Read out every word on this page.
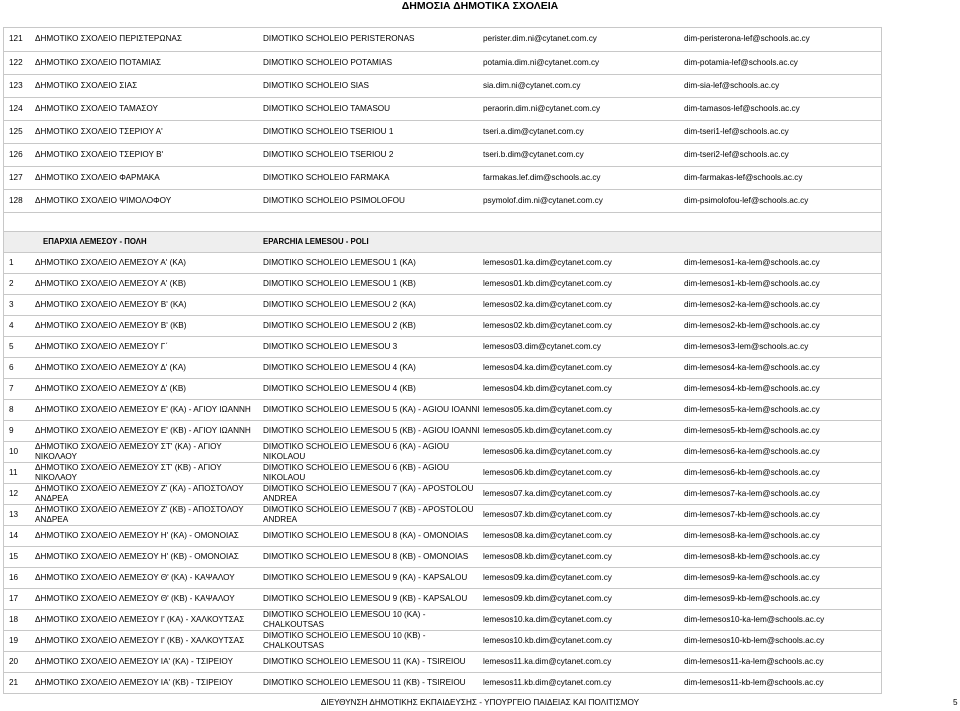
ΔΗΜΟΣΙΑ ΔΗΜΟΤΙΚΑ ΣΧΟΛΕΙΑ
121	ΔΗΜΟΤΙΚΟ ΣΧΟΛΕΙΟ ΠΕΡΙΣΤΕΡΩΝΑΣ	DIMOTIKO SCHOLEIO PERISTERONAS	perister.dim.ni@cytanet.com.cy	dim-peristerona-lef@schools.ac.cy
122	ΔΗΜΟΤΙΚΟ ΣΧΟΛΕΙΟ ΠΟΤΑΜΙΑΣ	DIMOTIKO SCHOLEIO POTAMIAS	potamia.dim.ni@cytanet.com.cy	dim-potamia-lef@schools.ac.cy
123	ΔΗΜΟΤΙΚΟ ΣΧΟΛΕΙΟ ΣΙΑΣ	DIMOTIKO SCHOLEIO SIAS	sia.dim.ni@cytanet.com.cy	dim-sia-lef@schools.ac.cy
124	ΔΗΜΟΤΙΚΟ ΣΧΟΛΕΙΟ ΤΑΜΑΣΟΥ	DIMOTIKO SCHOLEIO TAMASOU	peraorin.dim.ni@cytanet.com.cy	dim-tamasos-lef@schools.ac.cy
125	ΔΗΜΟΤΙΚΟ ΣΧΟΛΕΙΟ ΤΣΕΡΙΟΥ Α'	DIMOTIKO SCHOLEIO TSERIOU 1	tseri.a.dim@cytanet.com.cy	dim-tseri1-lef@schools.ac.cy
126	ΔΗΜΟΤΙΚΟ ΣΧΟΛΕΙΟ ΤΣΕΡΙΟΥ Β'	DIMOTIKO SCHOLEIO TSERIOU 2	tseri.b.dim@cytanet.com.cy	dim-tseri2-lef@schools.ac.cy
127	ΔΗΜΟΤΙΚΟ ΣΧΟΛΕΙΟ ΦΑΡΜΑΚΑ	DIMOTIKO SCHOLEIO FARMAKA	farmakas.lef.dim@schools.ac.cy	dim-farmakas-lef@schools.ac.cy
128	ΔΗΜΟΤΙΚΟ ΣΧΟΛΕΙΟ ΨΙΜΟΛΟΦΟΥ	DIMOTIKO SCHOLEIO PSIMOLOFOU	psymolof.dim.ni@cytanet.com.cy	dim-psimolofou-lef@schools.ac.cy

	ΕΠΑΡΧΙΑ ΛΕΜΕΣΟΥ - ΠΟΛΗ	EPARCHIA LEMESOU - POLI		
1	ΔΗΜΟΤΙΚΟ ΣΧΟΛΕΙΟ ΛΕΜΕΣΟΥ Α' (ΚΑ)	DIMOTIKO SCHOLEIO LEMESOU 1 (KA)	lemesos01.ka.dim@cytanet.com.cy	dim-lemesos1-ka-lem@schools.ac.cy
2	ΔΗΜΟΤΙΚΟ ΣΧΟΛΕΙΟ ΛΕΜΕΣΟΥ Α' (ΚΒ)	DIMOTIKO SCHOLEIO LEMESOU 1 (KB)	lemesos01.kb.dim@cytanet.com.cy	dim-lemesos1-kb-lem@schools.ac.cy
3	ΔΗΜΟΤΙΚΟ ΣΧΟΛΕΙΟ ΛΕΜΕΣΟΥ Β' (ΚΑ)	DIMOTIKO SCHOLEIO LEMESOU 2 (KA)	lemesos02.ka.dim@cytanet.com.cy	dim-lemesos2-ka-lem@schools.ac.cy
4	ΔΗΜΟΤΙΚΟ ΣΧΟΛΕΙΟ ΛΕΜΕΣΟΥ Β' (ΚΒ)	DIMOTIKO SCHOLEIO LEMESOU 2 (KB)	lemesos02.kb.dim@cytanet.com.cy	dim-lemesos2-kb-lem@schools.ac.cy
5	ΔΗΜΟΤΙΚΟ ΣΧΟΛΕΙΟ ΛΕΜΕΣΟΥ Γ΄	DIMOTIKO SCHOLEIO LEMESOU 3	lemesos03.dim@cytanet.com.cy	dim-lemesos3-lem@schools.ac.cy
6	ΔΗΜΟΤΙΚΟ ΣΧΟΛΕΙΟ ΛΕΜΕΣΟΥ Δ' (ΚΑ)	DIMOTIKO SCHOLEIO LEMESOU 4 (KA)	lemesos04.ka.dim@cytanet.com.cy	dim-lemesos4-ka-lem@schools.ac.cy
7	ΔΗΜΟΤΙΚΟ ΣΧΟΛΕΙΟ ΛΕΜΕΣΟΥ Δ' (ΚΒ)	DIMOTIKO SCHOLEIO LEMESOU 4 (KB)	lemesos04.kb.dim@cytanet.com.cy	dim-lemesos4-kb-lem@schools.ac.cy
8	ΔΗΜΟΤΙΚΟ ΣΧΟΛΕΙΟ ΛΕΜΕΣΟΥ Ε' (ΚΑ) - ΑΓΙΟΥ ΙΩΑΝΝΗ	DIMOTIKO SCHOLEIO LEMESOU 5 (KA) - AGIOU IOANNI	lemesos05.ka.dim@cytanet.com.cy	dim-lemesos5-ka-lem@schools.ac.cy
9	ΔΗΜΟΤΙΚΟ ΣΧΟΛΕΙΟ ΛΕΜΕΣΟΥ Ε' (ΚΒ) - ΑΓΙΟΥ ΙΩΑΝΝΗ	DIMOTIKO SCHOLEIO LEMESOU 5 (KB) - AGIOU IOANNI	lemesos05.kb.dim@cytanet.com.cy	dim-lemesos5-kb-lem@schools.ac.cy
10	ΔΗΜΟΤΙΚΟ ΣΧΟΛΕΙΟ ΛΕΜΕΣΟΥ ΣΤ' (ΚΑ) - ΑΓΙΟΥ ΝΙΚΟΛΑΟΥ	DIMOTIKO SCHOLEIO LEMESOU 6 (KA) - AGIOU NIKOLAOU	lemesos06.ka.dim@cytanet.com.cy	dim-lemesos6-ka-lem@schools.ac.cy
11	ΔΗΜΟΤΙΚΟ ΣΧΟΛΕΙΟ ΛΕΜΕΣΟΥ ΣΤ' (ΚΒ) - ΑΓΙΟΥ ΝΙΚΟΛΑΟΥ	DIMOTIKO SCHOLEIO LEMESOU 6 (KB) - AGIOU NIKOLAOU	lemesos06.kb.dim@cytanet.com.cy	dim-lemesos6-kb-lem@schools.ac.cy
12	ΔΗΜΟΤΙΚΟ ΣΧΟΛΕΙΟ ΛΕΜΕΣΟΥ Ζ' (ΚΑ) - ΑΠΟΣΤΟΛΟΥ ΑΝΔΡΕΑ	DIMOTIKO SCHOLEIO LEMESOU 7 (KA) - APOSTOLOU ANDREA	lemesos07.ka.dim@cytanet.com.cy	dim-lemesos7-ka-lem@schools.ac.cy
13	ΔΗΜΟΤΙΚΟ ΣΧΟΛΕΙΟ ΛΕΜΕΣΟΥ Ζ' (ΚΒ) - ΑΠΟΣΤΟΛΟΥ ΑΝΔΡΕΑ	DIMOTIKO SCHOLEIO LEMESOU 7 (KB) - APOSTOLOU ANDREA	lemesos07.kb.dim@cytanet.com.cy	dim-lemesos7-kb-lem@schools.ac.cy
14	ΔΗΜΟΤΙΚΟ ΣΧΟΛΕΙΟ ΛΕΜΕΣΟΥ Η' (ΚΑ) - ΟΜΟΝΟΙΑΣ	DIMOTIKO SCHOLEIO LEMESOU 8 (KA) - OMONOIAS	lemesos08.ka.dim@cytanet.com.cy	dim-lemesos8-ka-lem@schools.ac.cy
15	ΔΗΜΟΤΙΚΟ ΣΧΟΛΕΙΟ ΛΕΜΕΣΟΥ Η' (ΚΒ) - ΟΜΟΝΟΙΑΣ	DIMOTIKO SCHOLEIO LEMESOU 8 (KB) - OMONOIAS	lemesos08.kb.dim@cytanet.com.cy	dim-lemesos8-kb-lem@schools.ac.cy
16	ΔΗΜΟΤΙΚΟ ΣΧΟΛΕΙΟ ΛΕΜΕΣΟΥ Θ' (ΚΑ) - ΚΑΨΑΛΟΥ	DIMOTIKO SCHOLEIO LEMESOU 9 (KA) - KAPSALOU	lemesos09.ka.dim@cytanet.com.cy	dim-lemesos9-ka-lem@schools.ac.cy
17	ΔΗΜΟΤΙΚΟ ΣΧΟΛΕΙΟ ΛΕΜΕΣΟΥ Θ' (ΚΒ) - ΚΑΨΑΛΟΥ	DIMOTIKO SCHOLEIO LEMESOU 9 (KB) - KAPSALOU	lemesos09.kb.dim@cytanet.com.cy	dim-lemesos9-kb-lem@schools.ac.cy
18	ΔΗΜΟΤΙΚΟ ΣΧΟΛΕΙΟ ΛΕΜΕΣΟΥ Ι' (ΚΑ) - ΧΑΛΚΟΥΤΣΑΣ	DIMOTIKO SCHOLEIO LEMESOU 10 (KA) - CHALKOUTSAS	lemesos10.ka.dim@cytanet.com.cy	dim-lemesos10-ka-lem@schools.ac.cy
19	ΔΗΜΟΤΙΚΟ ΣΧΟΛΕΙΟ ΛΕΜΕΣΟΥ Ι' (ΚΒ) - ΧΑΛΚΟΥΤΣΑΣ	DIMOTIKO SCHOLEIO LEMESOU 10 (KB) - CHALKOUTSAS	lemesos10.kb.dim@cytanet.com.cy	dim-lemesos10-kb-lem@schools.ac.cy
20	ΔΗΜΟΤΙΚΟ ΣΧΟΛΕΙΟ ΛΕΜΕΣΟΥ ΙΑ' (ΚΑ) - ΤΣΙΡΕΙΟΥ	DIMOTIKO SCHOLEIO LEMESOU 11 (KA) - TSIREIOU	lemesos11.ka.dim@cytanet.com.cy	dim-lemesos11-ka-lem@schools.ac.cy
21	ΔΗΜΟΤΙΚΟ ΣΧΟΛΕΙΟ ΛΕΜΕΣΟΥ ΙΑ' (ΚΒ) - ΤΣΙΡΕΙΟΥ	DIMOTIKO SCHOLEIO LEMESOU 11 (KB) - TSIREIOU	lemesos11.kb.dim@cytanet.com.cy	dim-lemesos11-kb-lem@schools.ac.cy
ΔΙΕΥΘΥΝΣΗ ΔΗΜΟΤΙΚΗΣ ΕΚΠΑΙΔΕΥΣΗΣ - ΥΠΟΥΡΓΕΙΟ ΠΑΙΔΕΙΑΣ ΚΑΙ ΠΟΛΙΤΙΣΜΟΥ	5
